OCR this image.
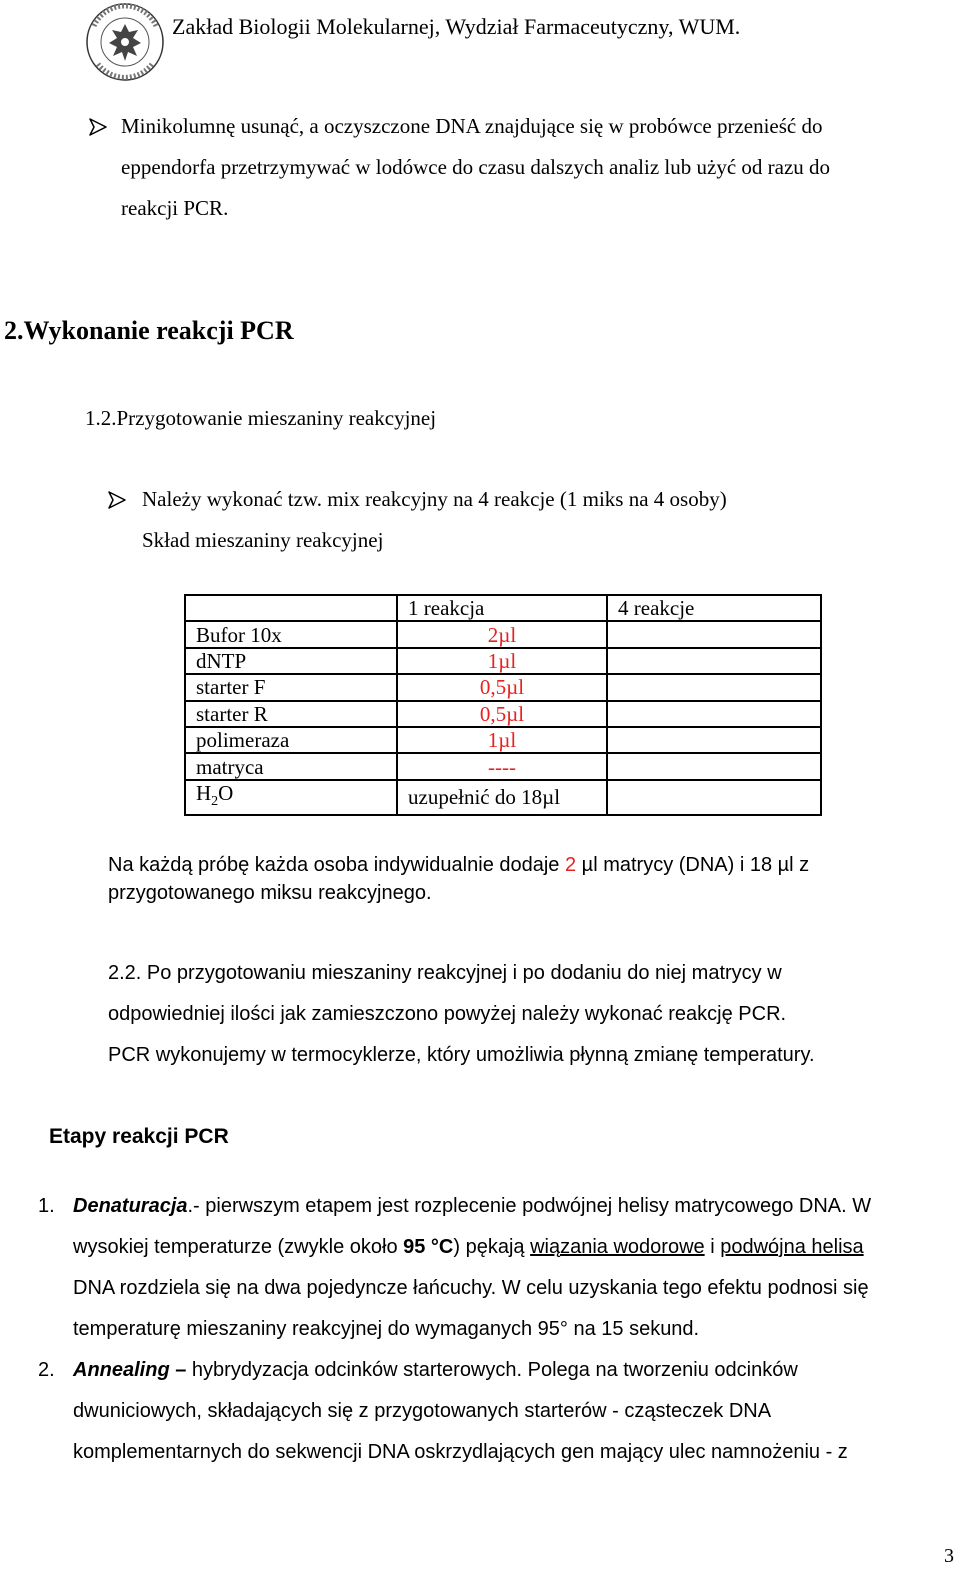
Zakład Biologii Molekularnej, Wydział Farmaceutyczny, WUM.
Minikolumnę usunąć, a oczyszczone DNA znajdujące się w probówce przenieść do
eppendorfa przetrzymywać w lodówce do czasu dalszych analiz lub użyć od razu do
reakcji PCR.
2.Wykonanie reakcji PCR
1.2.Przygotowanie mieszaniny reakcyjnej
Należy wykonać tzw. mix reakcyjny na 4 reakcje (1 miks na 4 osoby)
Skład mieszaniny reakcyjnej
	1 reakcja	4 reakcje
Bufor 10x	2µl	
dNTP	1µl	
starter F	0,5µl	
starter R	0,5µl	
polimeraza	1µl	
matryca	----	
$H_2O$	uzupełnić do 18µl	
Na każdą próbę każda osoba indywidualnie dodaje 2 µl matrycy (DNA) i 18 µl z
przygotowanego miksu reakcyjnego.
2.2. Po przygotowaniu mieszaniny reakcyjnej i po dodaniu do niej matrycy w
odpowiedniej ilości jak zamieszczono powyżej należy wykonać reakcję PCR.
PCR wykonujemy w termocyklerze, który umożliwia płynną zmianę temperatury.
Etapy reakcji PCR
1. Denaturacja.- pierwszym etapem jest rozplecenie podwójnej helisy matrycowego DNA. W
wysokiej temperaturze (zwykle około 95 °C) pękają wiązania wodorowe i podwójna helisa
DNA rozdziela się na dwa pojedyncze łańcuchy. W celu uzyskania tego efektu podnosi się
temperaturę mieszaniny reakcyjnej do wymaganych 95° na 15 sekund.
2. Annealing – hybrydyzacja odcinków starterowych. Polega na tworzeniu odcinków
dwuniciowych, składających się z przygotowanych starterów - cząsteczek DNA
komplementarnych do sekwencji DNA oskrzydlających gen mający ulec namnożeniu - z
3
